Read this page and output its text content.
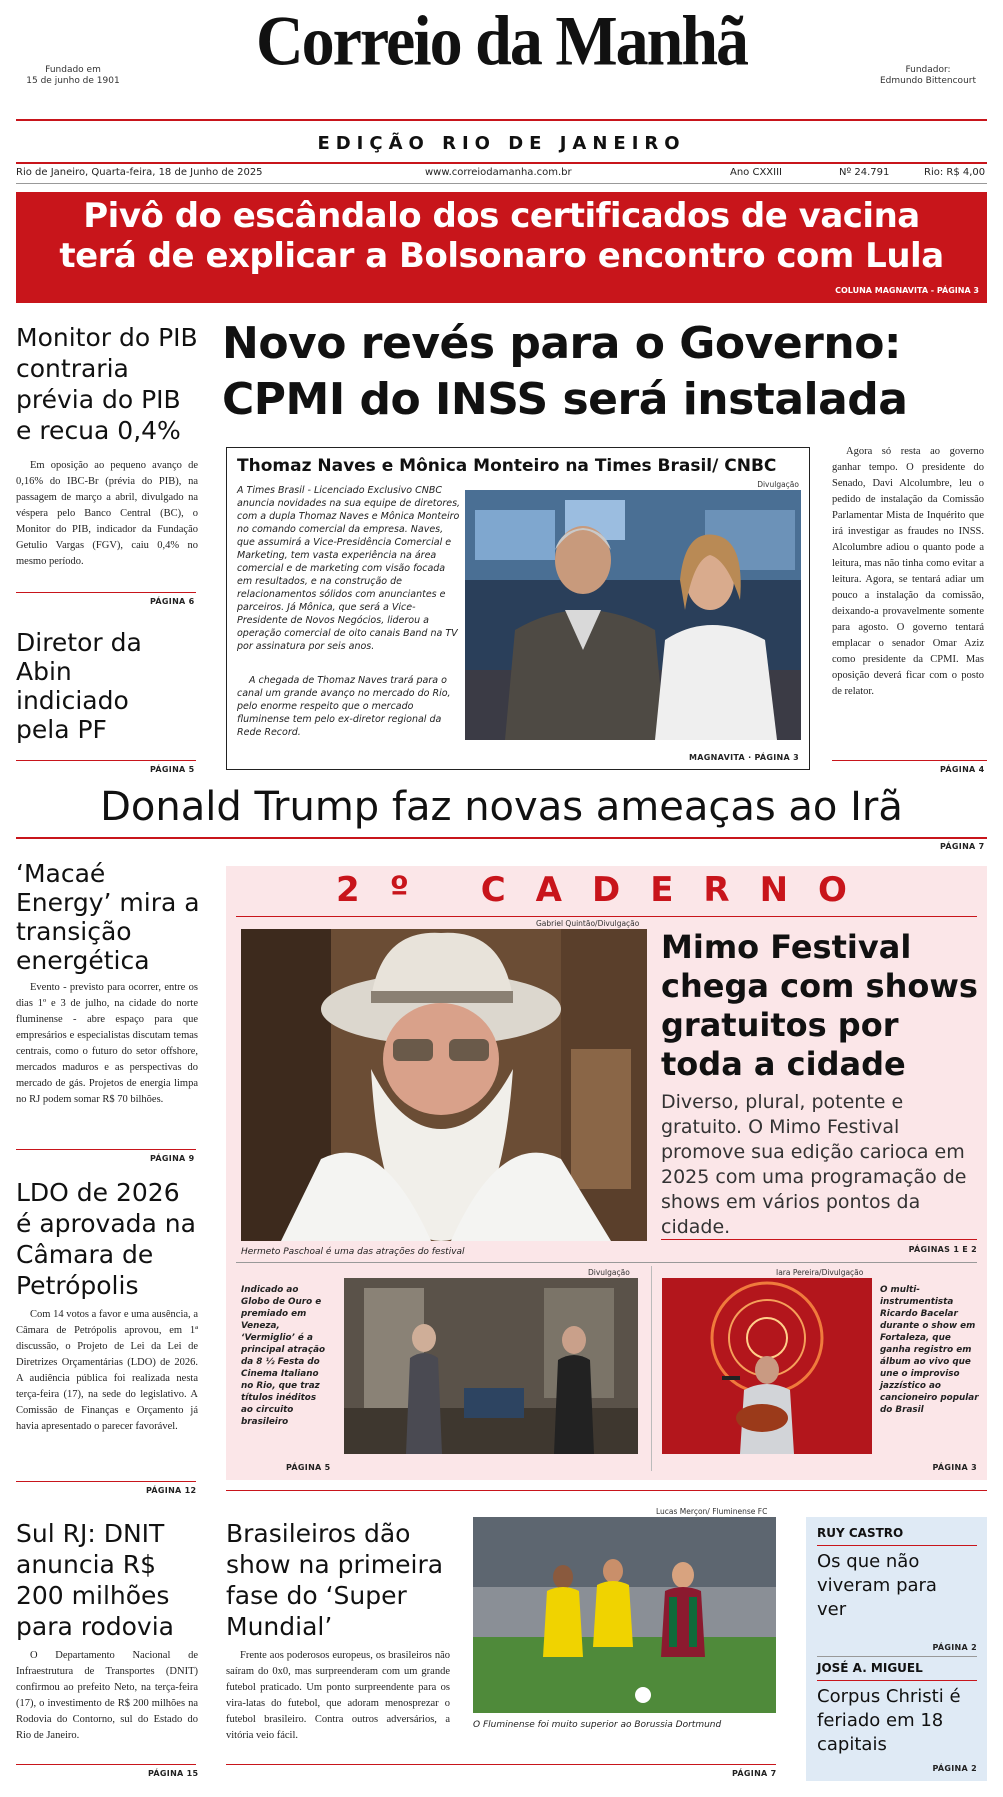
Correio da Manhã
Fundado em
15 de junho de 1901
Fundador:
Edmundo Bittencourt
EDIÇÃO RIO DE JANEIRO
Rio de Janeiro, Quarta-feira, 18 de Junho de 2025	www.correiodamanha.com.br	Ano CXXIII	Nº 24.791	Rio: R$ 4,00
Pivô do escândalo dos certificados de vacina
terá de explicar a Bolsonaro encontro com Lula
COLUNA MAGNAVITA - PÁGINA 3
Monitor do PIB contraria prévia do PIB e recua 0,4%
Em oposição ao pequeno avanço de 0,16% do IBC-Br (prévia do PIB), na passagem de março a abril, divulgado na véspera pelo Banco Central (BC), o Monitor do PIB, indicador da Fundação Getulio Vargas (FGV), caiu 0,4% no mesmo período.
PÁGINA 6
Diretor da Abin indiciado pela PF
PÁGINA 5
Novo revés para o Governo:
CPMI do INSS será instalada
Thomaz Naves e Mônica Monteiro na Times Brasil/ CNBC
Divulgação
A Times Brasil - Licenciado Exclusivo CNBC anuncia novidades na sua equipe de diretores, com a dupla Thomaz Naves e Mônica Monteiro no comando comercial da empresa. Naves, que assumirá a Vice-Presidência Comercial e Marketing, tem vasta experiência na área comercial e de marketing com visão focada em resultados, e na construção de relacionamentos sólidos com anunciantes e parceiros. Já Mônica, que será a Vice-Presidente de Novos Negócios, liderou a operação comercial de oito canais Band na TV por assinatura por seis anos.
A chegada de Thomaz Naves trará para o canal um grande avanço no mercado do Rio, pelo enorme respeito que o mercado fluminense tem pelo ex-diretor regional da Rede Record.
MAGNAVITA · PÁGINA 3
Agora só resta ao governo ganhar tempo. O presidente do Senado, Davi Alcolumbre, leu o pedido de instalação da Comissão Parlamentar Mista de Inquérito que irá investigar as fraudes no INSS. Alcolumbre adiou o quanto pode a leitura, mas não tinha como evitar a leitura. Agora, se tentará adiar um pouco a instalação da comissão, deixando-a provavelmente somente para agosto. O governo tentará emplacar o senador Omar Aziz como presidente da CPMI. Mas oposição deverá ficar com o posto de relator.
PÁGINA 4
Donald Trump faz novas ameaças ao Irã
PÁGINA 7
‘Macaé Energy’ mira a transição energética
Evento - previsto para ocorrer, entre os dias 1º e 3 de julho, na cidade do norte fluminense - abre espaço para que empresários e especialistas discutam temas centrais, como o futuro do setor offshore, mercados maduros e as perspectivas do mercado de gás. Projetos de energia limpa no RJ podem somar R$ 70 bilhões.
PÁGINA 9
LDO de 2026 é aprovada na Câmara de Petrópolis
Com 14 votos a favor e uma ausência, a Câmara de Petrópolis aprovou, em 1ª discussão, o Projeto de Lei da Lei de Diretrizes Orçamentárias (LDO) de 2026. A audiência pública foi realizada nesta terça-feira (17), na sede do legislativo. A Comissão de Finanças e Orçamento já havia apresentado o parecer favorável.
PÁGINA 12
2º CADERNO
Gabriel Quintão/Divulgação
Mimo Festival chega com shows gratuitos por toda a cidade
Diverso, plural, potente e gratuito. O Mimo Festival promove sua edição carioca em 2025 com uma programação de shows em vários pontos da cidade.
Hermeto Paschoal é uma das atrações do festival	PÁGINAS 1 E 2
Indicado ao Globo de Ouro e premiado em Veneza, ‘Vermiglio’ é a principal atração da 8 ½ Festa do Cinema Italiano no Rio, que traz títulos inéditos ao circuito brasileiro
Divulgação
PÁGINA 5
Iara Pereira/Divulgação
O multi-instrumentista Ricardo Bacelar durante o show em Fortaleza, que ganha registro em álbum ao vivo que une o improviso jazzístico ao cancioneiro popular do Brasil
PÁGINA 3
Sul RJ: DNIT anuncia R$ 200 milhões para rodovia
O Departamento Nacional de Infraestrutura de Transportes (DNIT) confirmou ao prefeito Neto, na terça-feira (17), o investimento de R$ 200 milhões na Rodovia do Contorno, sul do Estado do Rio de Janeiro.
PÁGINA 15
Brasileiros dão show na primeira fase do ‘Super Mundial’
Frente aos poderosos europeus, os brasileiros não saíram do 0x0, mas surpreenderam com um grande futebol praticado. Um ponto surpreendente para os vira-latas do futebol, que adoram menosprezar o futebol brasileiro. Contra outros adversários, a vitória veio fácil.
Lucas Merçon/ Fluminense FC
O Fluminense foi muito superior ao Borussia Dortmund
PÁGINA 7
RUY CASTRO
Os que não viveram para ver
PÁGINA 2
JOSÉ A. MIGUEL
Corpus Christi é feriado em 18 capitais
PÁGINA 2
